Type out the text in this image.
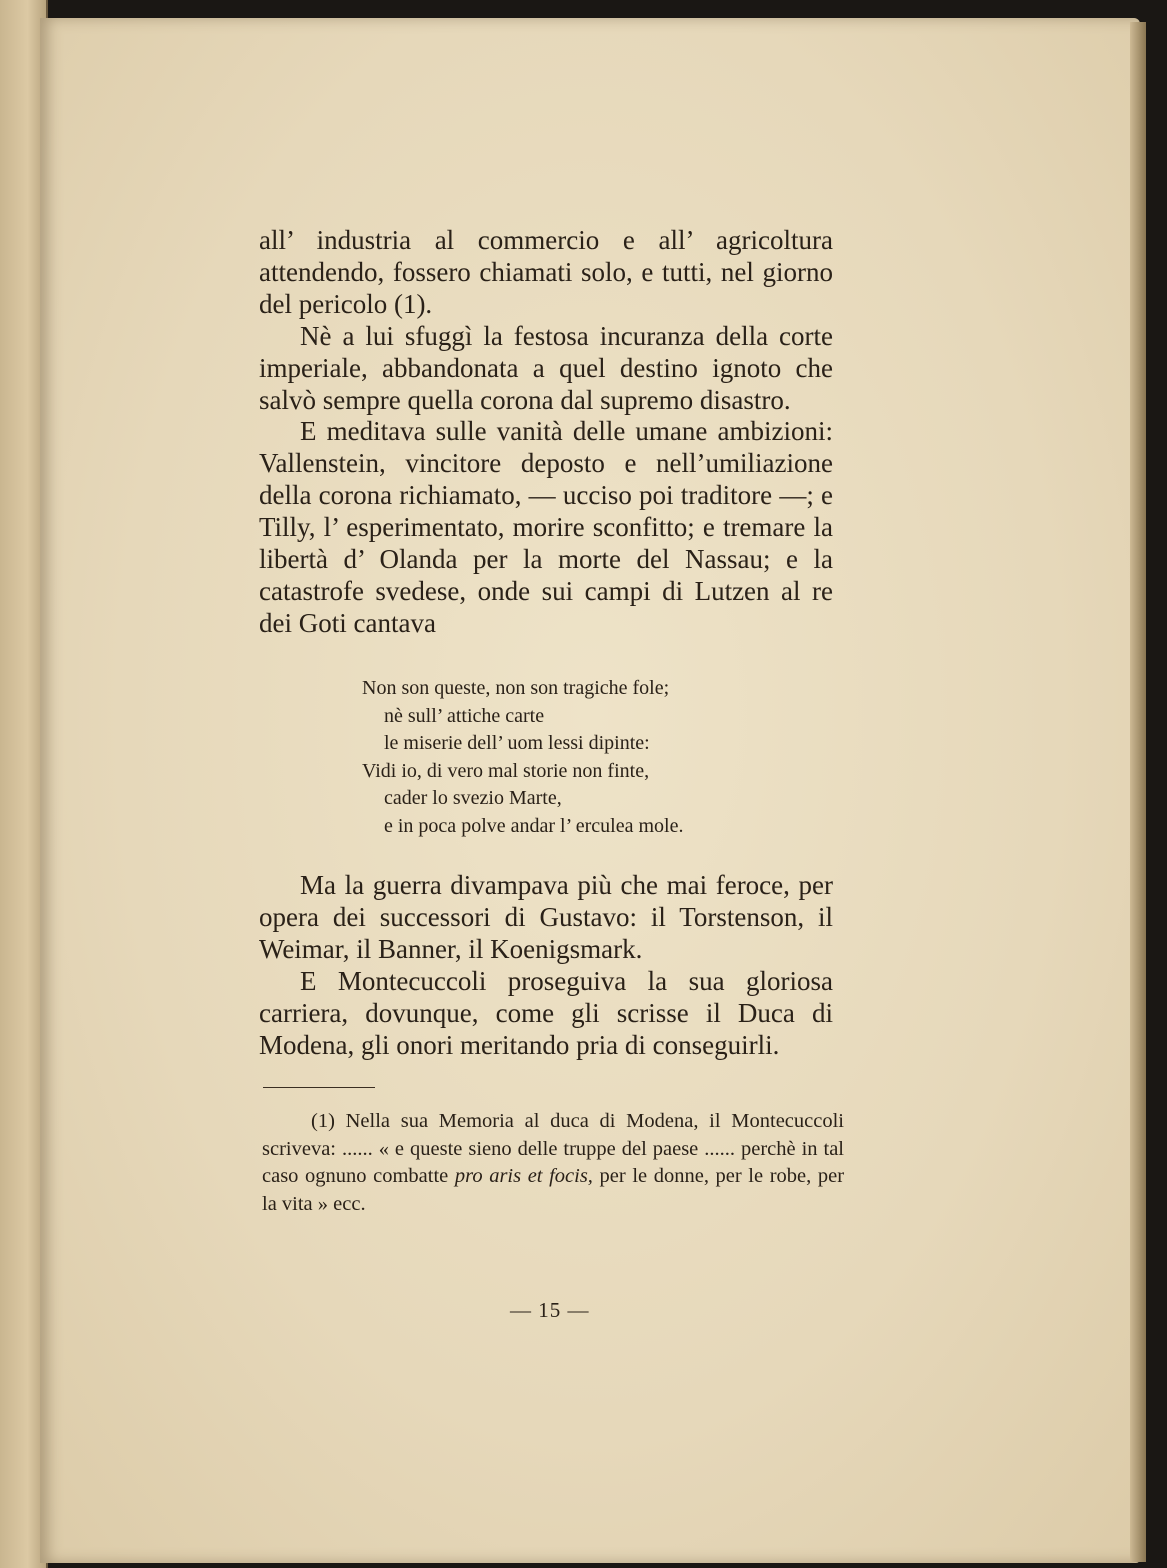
all’ industria al commercio e all’ agricoltura attendendo, fossero chiamati solo, e tutti, nel giorno del pericolo (1).

Nè a lui sfuggì la festosa incuranza della corte imperiale, abbandonata a quel destino ignoto che salvò sempre quella corona dal supremo disastro.

E meditava sulle vanità delle umane ambizioni: Vallenstein, vincitore deposto e nell’umiliazione della corona richiamato, — ucciso poi traditore —; e Tilly, l’ esperimentato, morire sconfitto; e tremare la libertà d’ Olanda per la morte del Nassau; e la catastrofe svedese, onde sui campi di Lutzen al re dei Goti cantava

Non son queste, non son tragiche fole;
nè sull’ attiche carte
le miserie dell’ uom lessi dipinte:
Vidi io, di vero mal storie non finte,
cader lo svezio Marte,
e in poca polve andar l’ erculea mole.

Ma la guerra divampava più che mai feroce, per opera dei successori di Gustavo: il Torstenson, il Weimar, il Banner, il Koenigsmark.

E Montecuccoli proseguiva la sua gloriosa carriera, dovunque, come gli scrisse il Duca di Modena, gli onori meritando pria di conseguirli.

(1) Nella sua Memoria al duca di Modena, il Montecuccoli scriveva: ...... « e queste sieno delle truppe del paese ...... perchè in tal caso ognuno combatte pro aris et focis, per le donne, per le robe, per la vita » ecc.

— 15 —
